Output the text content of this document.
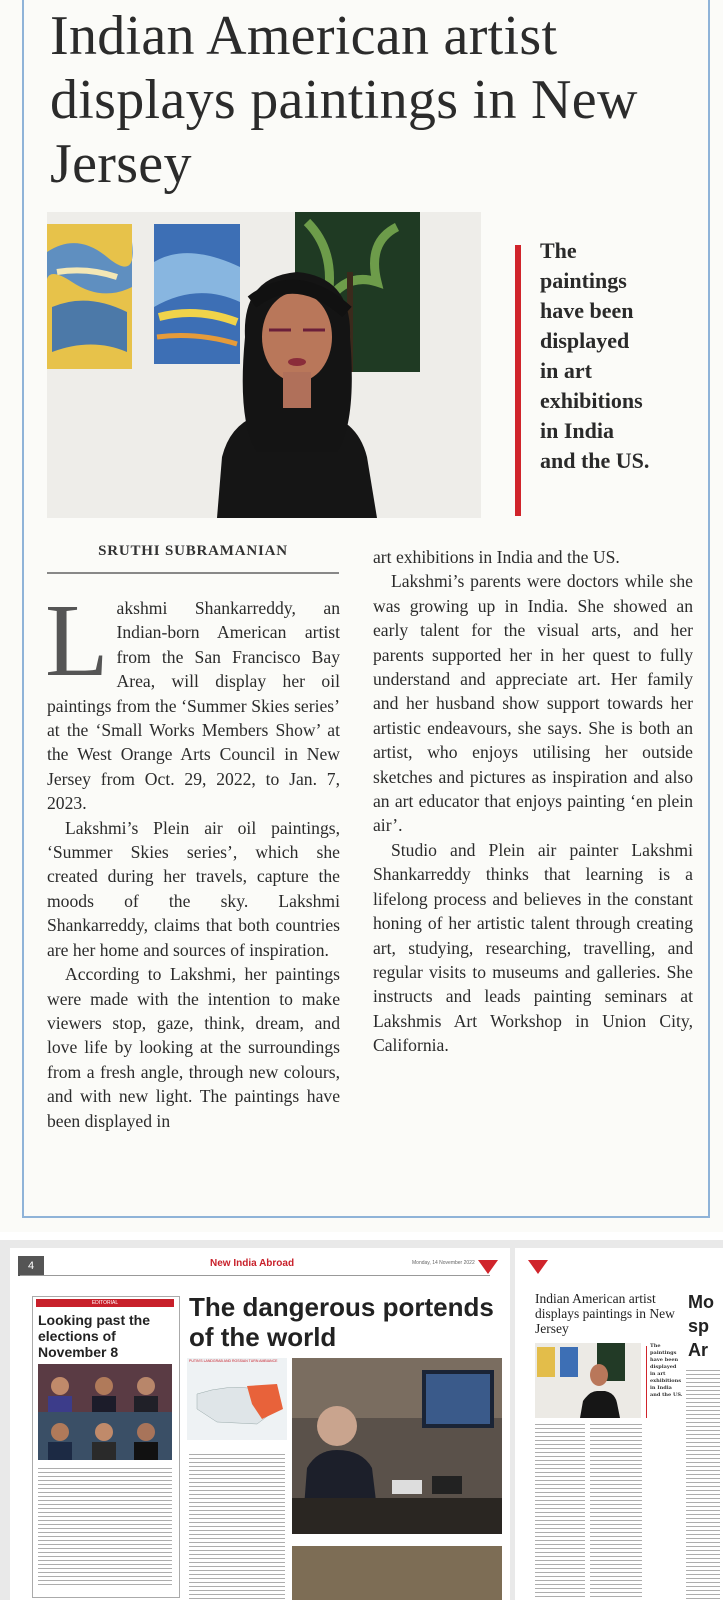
Indian American artist displays paintings in New Jersey
The
paintings
have been
displayed
in art
exhibitions
in India
and the US.
SRUTHI SUBRAMANIAN

Lakshmi Shankarreddy, an Indian-born American artist from the San Francisco Bay Area, will display her oil paintings from the ‘Summer Skies series’ at the ‘Small Works Members Show’ at the West Orange Arts Council in New Jersey from Oct. 29, 2022, to Jan. 7, 2023.

Lakshmi’s Plein air oil paintings, ‘Summer Skies series’, which she created during her travels, capture the moods of the sky. Lakshmi Shankarreddy, claims that both countries are her home and sources of inspiration.

According to Lakshmi, her paintings were made with the intention to make viewers stop, gaze, think, dream, and love life by looking at the surroundings from a fresh angle, through new colours, and with new light. The paintings have been displayed in

art exhibitions in India and the US.

Lakshmi’s parents were doctors while she was growing up in India. She showed an early talent for the visual arts, and her parents supported her in her quest to fully understand and appreciate art. Her family and her husband show support towards her artistic endeavours, she says. She is both an artist, who enjoys utilising her outside sketches and pictures as inspiration and also an art educator that enjoys painting ‘en plein air’.

Studio and Plein air painter Lakshmi Shankarreddy thinks that learning is a lifelong process and believes in the constant honing of her artistic talent through creating art, studying, researching, travelling, and regular visits to museums and galleries. She instructs and leads painting seminars at Lakshmis Art Workshop in Union City, California.

4	New India Abroad	Monday, 14 November 2022
EDITORIAL
Looking past the elections of November 8
The dangerous portends of the world
PUTIN’S LANDGRAB AND ROSSIAN TURN AMBIANCE
Indian American artist displays paintings in New Jersey
The
paintings
have been
displayed
in art
exhibitions
in India
and the US.
Mo
sp
Ar
